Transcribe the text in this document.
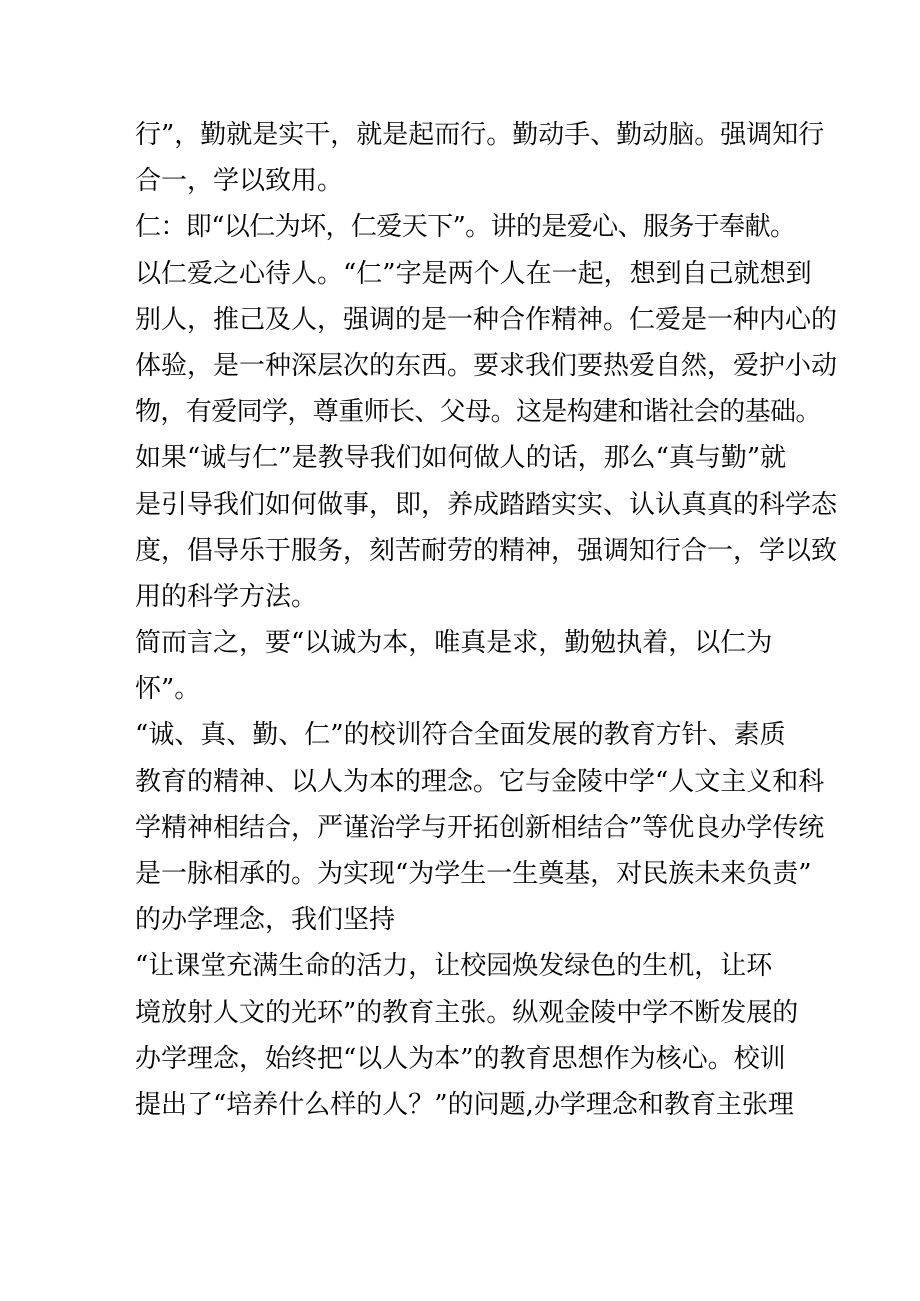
行”，勤就是实干，就是起而行。勤动手、勤动脑。强调知行
合一，学以致用。
仁：即“以仁为坏，仁爱天下”。讲的是爱心、服务于奉献。
以仁爱之心待人。“仁”字是两个人在一起，想到自己就想到
别人，推己及人，强调的是一种合作精神。仁爱是一种内心的
体验，是一种深层次的东西。要求我们要热爱自然，爱护小动
物，有爱同学，尊重师长、父母。这是构建和谐社会的基础。
如果“诚与仁”是教导我们如何做人的话，那么“真与勤”就
是引导我们如何做事，即，养成踏踏实实、认认真真的科学态
度，倡导乐于服务，刻苦耐劳的精神，强调知行合一，学以致
用的科学方法。
简而言之，要“以诚为本，唯真是求，勤勉执着，以仁为
怀”。
“诚、真、勤、仁”的校训符合全面发展的教育方针、素质
教育的精神、以人为本的理念。它与金陵中学“人文主义和科
学精神相结合，严谨治学与开拓创新相结合”等优良办学传统
是一脉相承的。为实现“为学生一生奠基，对民族未来负责”
的办学理念，我们坚持
“让课堂充满生命的活力，让校园焕发绿色的生机，让环
境放射人文的光环”的教育主张。纵观金陵中学不断发展的
办学理念，始终把“以人为本”的教育思想作为核心。校训
提出了“培养什么样的人？”的问题,办学理念和教育主张理
